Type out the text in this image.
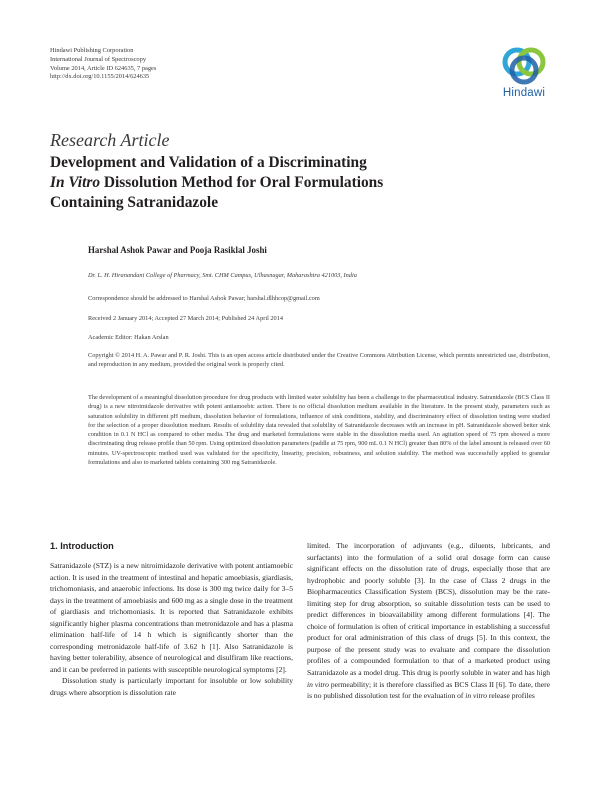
Hindawi Publishing Corporation
International Journal of Spectroscopy
Volume 2014, Article ID 624635, 7 pages
http://dx.doi.org/10.1155/2014/624635
Hindawi
Research Article
Development and Validation of a Discriminating
In Vitro Dissolution Method for Oral Formulations
Containing Satranidazole
Harshal Ashok Pawar and Pooja Rasiklal Joshi
Dr. L. H. Hiranandani College of Pharmacy, Smt. CHM Campus, Ulhasnagar, Maharashtra 421003, India
Correspondence should be addressed to Harshal Ashok Pawar; harshal.dlhhcop@gmail.com
Received 2 January 2014; Accepted 27 March 2014; Published 24 April 2014
Academic Editor: Hakan Arslan
Copyright © 2014 H. A. Pawar and P. R. Joshi. This is an open access article distributed under the Creative Commons Attribution License, which permits unrestricted use, distribution, and reproduction in any medium, provided the original work is properly cited.
The development of a meaningful dissolution procedure for drug products with limited water solubility has been a challenge to the pharmaceutical industry. Satranidazole (BCS Class II drug) is a new nitroimidazole derivative with potent antiamoebic action. There is no official dissolution medium available in the literature. In the present study, parameters such as saturation solubility in different pH medium, dissolution behavior of formulations, influence of sink conditions, stability, and discriminatory effect of dissolution testing were studied for the selection of a proper dissolution medium. Results of solubility data revealed that solubility of Satranidazole decreases with an increase in pH. Satranidazole showed better sink condition in 0.1 N HCl as compared to other media. The drug and marketed formulations were stable in the dissolution media used. An agitation speed of 75 rpm showed a more discriminating drug release profile than 50 rpm. Using optimized dissolution parameters (paddle at 75 rpm, 900 mL 0.1 N HCl) greater than 80% of the label amount is released over 60 minutes. UV-spectroscopic method used was validated for the specificity, linearity, precision, robustness, and solution stability. The method was successfully applied to granular formulations and also to marketed tablets containing 300 mg Satranidazole.
1. Introduction

Satranidazole (STZ) is a new nitroimidazole derivative with potent antiamoebic action. It is used in the treatment of intestinal and hepatic amoebiasis, giardiasis, trichomoniasis, and anaerobic infections. Its dose is 300 mg twice daily for 3–5 days in the treatment of amoebiasis and 600 mg as a single dose in the treatment of giardiasis and trichomoniasis. It is reported that Satranidazole exhibits significantly higher plasma concentrations than metronidazole and has a plasma elimination half-life of 14 h which is significantly shorter than the corresponding metronidazole half-life of 3.62 h [1]. Also Satranidazole is having better tolerability, absence of neurological and disulfiram like reactions, and it can be preferred in patients with susceptible neurological symptoms [2].

Dissolution study is particularly important for insoluble or low solubility drugs where absorption is dissolution rate

limited. The incorporation of adjuvants (e.g., diluents, lubricants, and surfactants) into the formulation of a solid oral dosage form can cause significant effects on the dissolution rate of drugs, especially those that are hydrophobic and poorly soluble [3]. In the case of Class 2 drugs in the Biopharmaceutics Classification System (BCS), dissolution may be the rate-limiting step for drug absorption, so suitable dissolution tests can be used to predict differences in bioavailability among different formulations [4]. The choice of formulation is often of critical importance in establishing a successful product for oral administration of this class of drugs [5]. In this context, the purpose of the present study was to evaluate and compare the dissolution profiles of a compounded formulation to that of a marketed product using Satranidazole as a model drug. This drug is poorly soluble in water and has high in vitro permeability; it is therefore classified as BCS Class II [6]. To date, there is no published dissolution test for the evaluation of in vitro release profiles
